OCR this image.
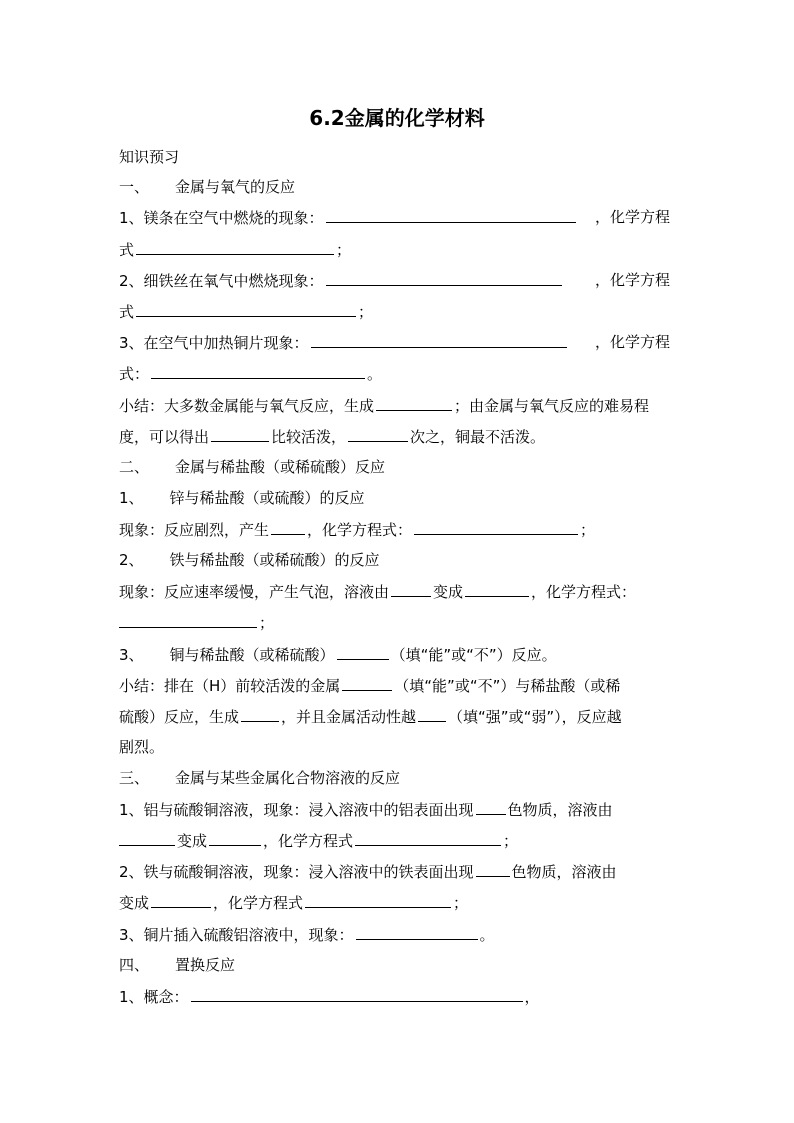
6.2金属的化学材料
知识预习
一、 金属与氧气的反应
1、镁条在空气中燃烧的现象：	，化学方程
式	；
2、细铁丝在氧气中燃烧现象：	，化学方程
式	；
3、在空气中加热铜片现象：	，化学方程
式：	。
小结：大多数金属能与氧气反应，生成	；由金属与氧气反应的难易程
度，可以得出	比较活泼，	次之，铜最不活泼。
二、 金属与稀盐酸（或稀硫酸）反应
1、 锌与稀盐酸（或硫酸）的反应
现象：反应剧烈，产生	，化学方程式：	；
2、 铁与稀盐酸（或稀硫酸）的反应
现象：反应速率缓慢，产生气泡，溶液由	变成	，化学方程式：
；
3、 铜与稀盐酸（或稀硫酸）	（填“能”或“不”）反应。
小结：排在（H）前较活泼的金属	（填“能”或“不”）与稀盐酸（或稀
硫酸）反应，生成	，并且金属活动性越 （填“强”或“弱”），反应越
剧烈。
三、 金属与某些金属化合物溶液的反应
1、铝与硫酸铜溶液，现象：浸入溶液中的铝表面出现 色物质，溶液由
变成	，化学方程式	；
2、铁与硫酸铜溶液，现象：浸入溶液中的铁表面出现	色物质，溶液由
变成	，化学方程式	；
3、铜片插入硫酸铝溶液中，现象：	。
四、 置换反应
1、概念：	，
